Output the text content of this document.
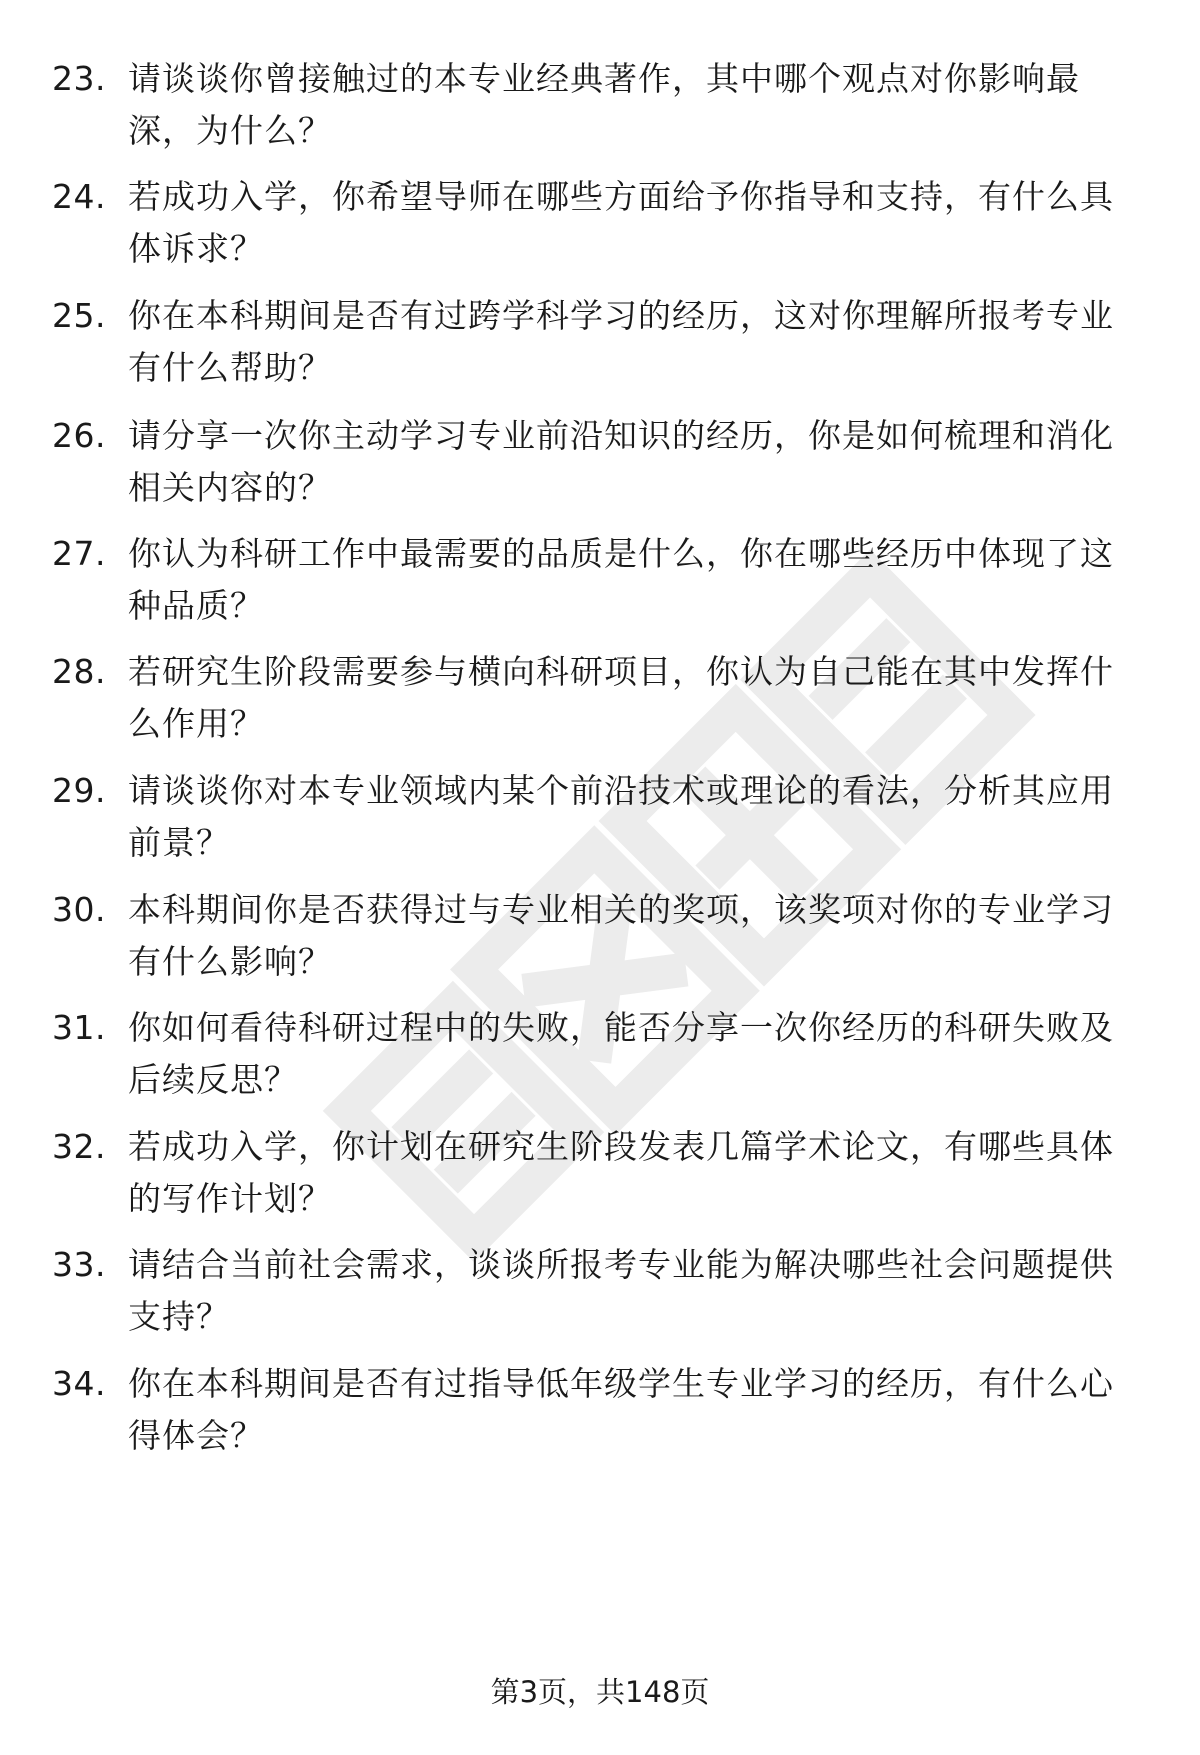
23. 请谈谈你曾接触过的本专业经典著作，其中哪个观点对你影响最深，为什么？
24. 若成功入学，你希望导师在哪些方面给予你指导和支持，有什么具体诉求？
25. 你在本科期间是否有过跨学科学习的经历，这对你理解所报考专业有什么帮助？
26. 请分享一次你主动学习专业前沿知识的经历，你是如何梳理和消化相关内容的？
27. 你认为科研工作中最需要的品质是什么，你在哪些经历中体现了这种品质？
28. 若研究生阶段需要参与横向科研项目，你认为自己能在其中发挥什么作用？
29. 请谈谈你对本专业领域内某个前沿技术或理论的看法，分析其应用前景？
30. 本科期间你是否获得过与专业相关的奖项，该奖项对你的专业学习有什么影响？
31. 你如何看待科研过程中的失败，能否分享一次你经历的科研失败及后续反思？
32. 若成功入学，你计划在研究生阶段发表几篇学术论文，有哪些具体的写作计划？
33. 请结合当前社会需求，谈谈所报考专业能为解决哪些社会问题提供支持？
34. 你在本科期间是否有过指导低年级学生专业学习的经历，有什么心得体会？
第3页，共148页
